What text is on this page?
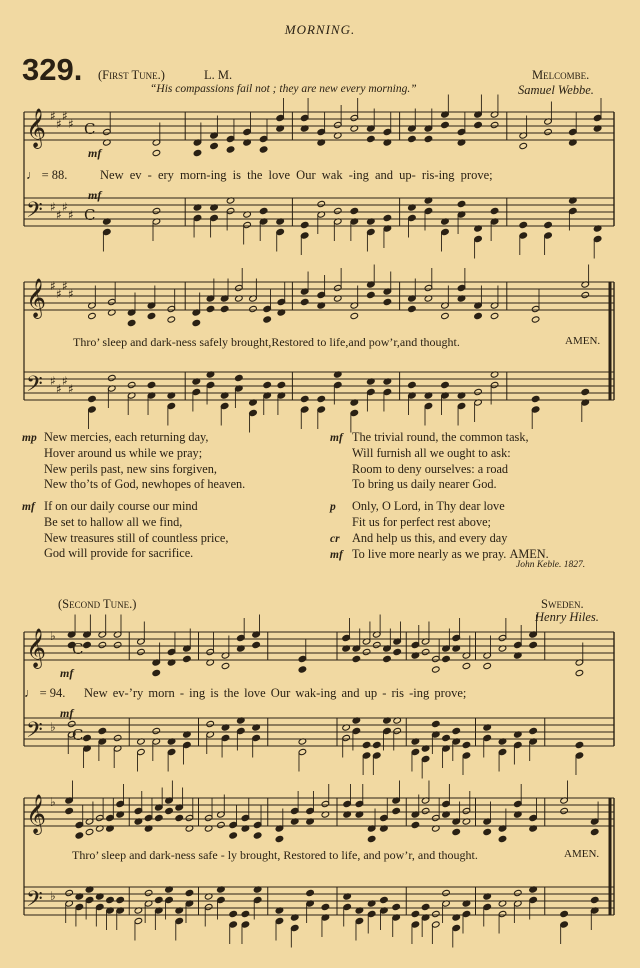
MORNING.
329. (First Tune.)	L. M.	Melcombe.
“His compassions fail not ; they are new every morning.”	Samuel Webbe.
mf
♩ = 88.	New ev - ery morn-ing is the love Our wak -ing and up- ris-ing prove;
mf
Thro’ sleep and dark-ness safely brought,Restored to life,and pow’r,and thought.	AMEN.
mp New mercies, each returning day,
Hover around us while we pray;
New perils past, new sins forgiven,
New tho’ts of God, newhopes of heaven.
mf If on our daily course our mind
Be set to hallow all we find,
New treasures still of countless price,
God will provide for sacrifice.
mf The trivial round, the common task,
Will furnish all we ought to ask:
Room to deny ourselves: a road
To bring us daily nearer God.
p Only, O Lord, in Thy dear love
Fit us for perfect rest above;
cr And help us this, and every day
mf To live more nearly as we pray. AMEN.
John Keble. 1827.
(Second Tune.)	Sweden.
Henry Hiles.
mf
♩ = 94. New ev-’ry morn - ing is the love Our wak-ing and up - ris -ing prove;
mf
Thro’ sleep and dark-ness safe - ly brought, Restored to life, and pow’r, and thought.	AMEN.
𝄞
𝄢
♯
♯
♯
♯
♯
♯
♯
♯
C
C
𝄞
𝄢
♯
♯
♯
♯
♯
♯
♯
♯
𝄞
𝄢
♭
♭
C
C
𝄞
𝄢
♭
♭
